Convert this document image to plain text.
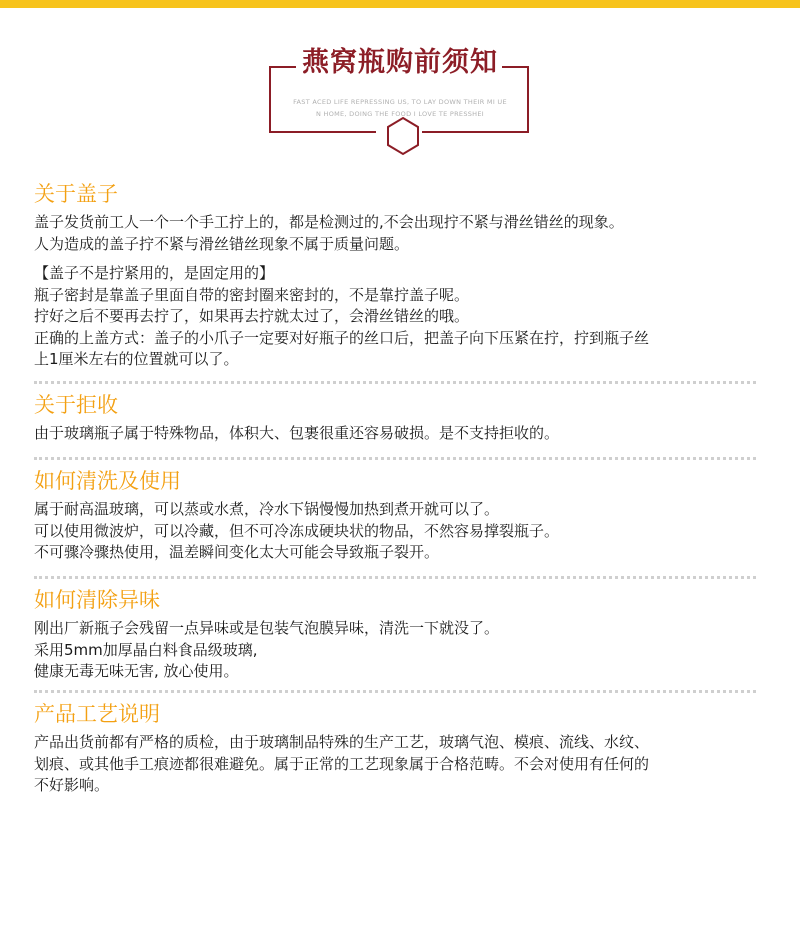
燕窝瓶购前须知

FAST ACED LIFE REPRESSING US, TO LAY DOWN THEIR MI UE

N HOME, DOING THE FOOD I LOVE TE PRESSHEI

关于盖子

盖子发货前工人一个一个手工拧上的，都是检测过的,不会出现拧不紧与滑丝错丝的现象。

人为造成的盖子拧不紧与滑丝错丝现象不属于质量问题。

【盖子不是拧紧用的，是固定用的】

瓶子密封是靠盖子里面自带的密封圈来密封的，不是靠拧盖子呢。

拧好之后不要再去拧了，如果再去拧就太过了，会滑丝错丝的哦。

正确的上盖方式：盖子的小爪子一定要对好瓶子的丝口后，把盖子向下压紧在拧，拧到瓶子丝

上1厘米左右的位置就可以了。

关于拒收

由于玻璃瓶子属于特殊物品，体积大、包裹很重还容易破损。是不支持拒收的。

如何清洗及使用

属于耐高温玻璃，可以蒸或水煮，冷水下锅慢慢加热到煮开就可以了。

可以使用微波炉，可以冷藏，但不可冷冻成硬块状的物品，不然容易撑裂瓶子。

不可骤冷骤热使用，温差瞬间变化太大可能会导致瓶子裂开。

如何清除异味

刚出厂新瓶子会残留一点异味或是包装气泡膜异味，清洗一下就没了。

采用5mm加厚晶白料食品级玻璃,

健康无毒无味无害, 放心使用。

产品工艺说明

产品出货前都有严格的质检，由于玻璃制品特殊的生产工艺，玻璃气泡、模痕、流线、水纹、

划痕、或其他手工痕迹都很难避免。属于正常的工艺现象属于合格范畴。不会对使用有任何的

不好影响。
